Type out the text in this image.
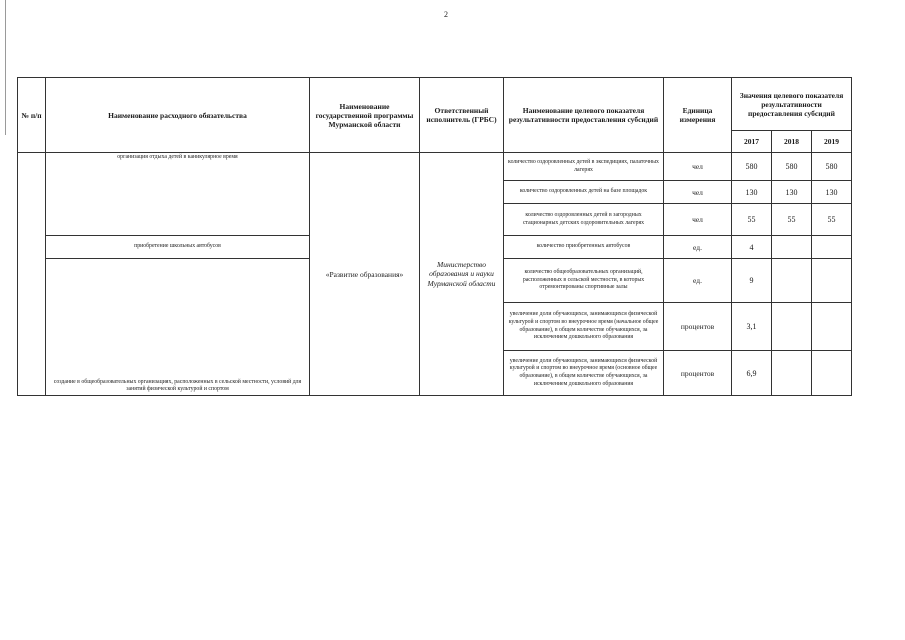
2
№ п/п	Наименование расходного обязательства	Наименование государственной программы Мурманской области	Ответственный исполнитель (ГРБС)	Наименование целевого показателя результативности предоставления субсидий	Единица измерения	Значения целевого показателя результативности предоставления субсидий		
						2017	2018	2019
	организация отдыха детей в каникулярное время	«Развитие образования»	Министерство образования и науки Мурманской области	количество оздоровленных детей в экспедициях, палаточных лагерях	чел	580	580	580
				количество оздоровленных детей на базе площадок	чел	130	130	130
				количество оздоровленных детей в загородных стационарных детских оздоровительных лагерях	чел	55	55	55
	приобретение школьных автобусов			количество приобретенных автобусов	ед.	4		
	создание в общеобразовательных организациях, расположенных в сельской местности, условий для занятий физической культурой и спортом			количество общеобразовательных организаций, расположенных в сельской местности, в которых отремонтированы спортивные залы	ед.	9		
				увеличение доли обучающихся, занимающихся физической культурой и спортом во внеурочное время (начальное общее образование), в общем количестве обучающихся, за исключением дошкольного образования	процентов	3,1		
				увеличение доли обучающихся, занимающихся физической культурой и спортом во внеурочное время (основное общее образование), в общем количестве обучающихся, за исключением дошкольного образования	процентов	6,9		
